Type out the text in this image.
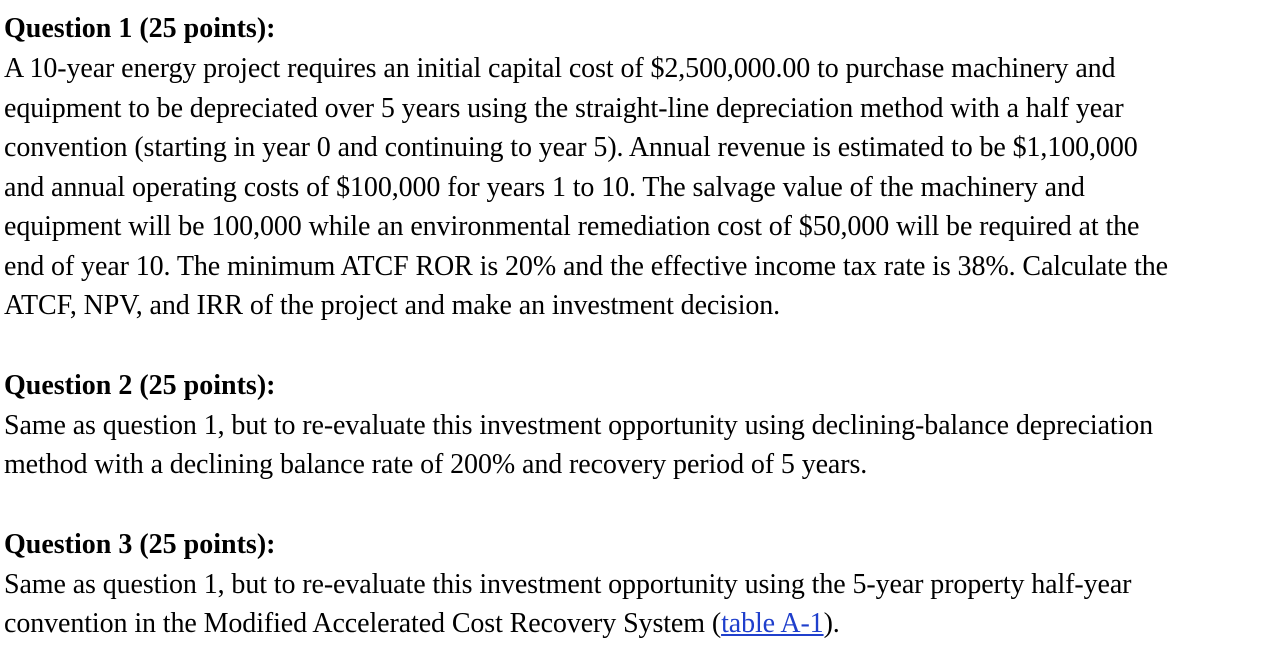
Question 1 (25 points):

A 10-year energy project requires an initial capital cost of $2,500,000.00 to purchase machinery and

equipment to be depreciated over 5 years using the straight-line depreciation method with a half year

convention (starting in year 0 and continuing to year 5). Annual revenue is estimated to be $1,100,000

and annual operating costs of $100,000 for years 1 to 10. The salvage value of the machinery and

equipment will be 100,000 while an environmental remediation cost of $50,000 will be required at the

end of year 10. The minimum ATCF ROR is 20% and the effective income tax rate is 38%. Calculate the

ATCF, NPV, and IRR of the project and make an investment decision.

Question 2 (25 points):

Same as question 1, but to re-evaluate this investment opportunity using declining-balance depreciation

method with a declining balance rate of 200% and recovery period of 5 years.

Question 3 (25 points):

Same as question 1, but to re-evaluate this investment opportunity using the 5-year property half-year

convention in the Modified Accelerated Cost Recovery System (table A-1).
